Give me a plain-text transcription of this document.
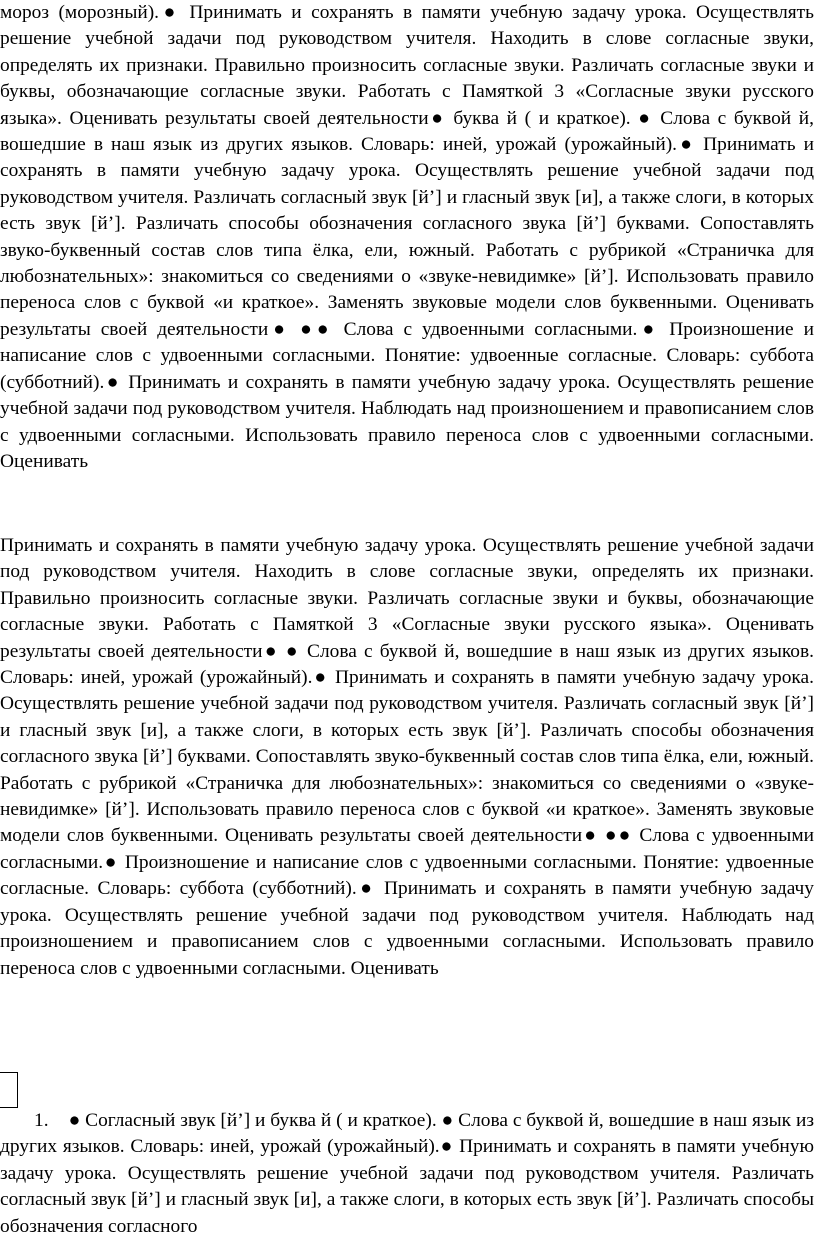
мороз (морозный).● Принимать и сохранять в памяти учебную задачу урока. Осуществлять решение учебной задачи под руководством учителя. Находить в слове согласные звуки, определять их признаки. Правильно произносить согласные звуки. Различать согласные звуки и буквы, обозначающие согласные звуки. Работать с Памяткой 3 «Согласные звуки русского языка». Оценивать результаты своей деятельности● буква й ( и краткое). ● Слова с буквой й, вошедшие в наш язык из других языков. Словарь: иней, урожай (урожайный).● Принимать и сохранять в памяти учебную задачу урока. Осуществлять решение учебной задачи под руководством учителя. Различать согласный звук [й’] и гласный звук [и], а также слоги, в которых есть звук [й’]. Различать способы обозначения согласного звука [й’] буквами. Сопоставлять звуко-буквенный состав слов типа ёлка, ели, южный. Работать с рубрикой «Страничка для любознательных»: знакомиться со сведениями о «звуке-невидимке» [й’]. Использовать правило переноса слов с буквой «и краткое». Заменять звуковые модели слов буквенными. Оценивать результаты своей деятельности● ●● Слова с удвоенными согласными.● Произношение и написание слов с удвоенными согласными. Понятие: удвоенные согласные. Словарь: суббота (субботний).● Принимать и сохранять в памяти учебную задачу урока. Осуществлять решение учебной задачи под руководством учителя. Наблюдать над произношением и правописанием слов с удвоенными согласными. Использовать правило переноса слов с удвоенными согласными. Оценивать

Принимать и сохранять в памяти учебную задачу урока. Осуществлять решение учебной задачи под руководством учителя. Находить в слове согласные звуки, определять их признаки. Правильно произносить согласные звуки. Различать согласные звуки и буквы, обозначающие согласные звуки. Работать с Памяткой 3 «Согласные звуки русского языка». Оценивать результаты своей деятельности● ● Слова с буквой й, вошедшие в наш язык из других языков. Словарь: иней, урожай (урожайный).● Принимать и сохранять в памяти учебную задачу урока. Осуществлять решение учебной задачи под руководством учителя. Различать согласный звук [й’] и гласный звук [и], а также слоги, в которых есть звук [й’]. Различать способы обозначения согласного звука [й’] буквами. Сопоставлять звуко-буквенный состав слов типа ёлка, ели, южный. Работать с рубрикой «Страничка для любознательных»: знакомиться со сведениями о «звуке-невидимке» [й’]. Использовать правило переноса слов с буквой «и краткое». Заменять звуковые модели слов буквенными. Оценивать результаты своей деятельности● ●● Слова с удвоенными согласными.● Произношение и написание слов с удвоенными согласными. Понятие: удвоенные согласные. Словарь: суббота (субботний).● Принимать и сохранять в памяти учебную задачу урока. Осуществлять решение учебной задачи под руководством учителя. Наблюдать над произношением и правописанием слов с удвоенными согласными. Использовать правило переноса слов с удвоенными согласными. Оценивать

1. ● Согласный звук [й’] и буква й ( и краткое). ● Слова с буквой й, вошедшие в наш язык из других языков. Словарь: иней, урожай (урожайный).● Принимать и сохранять в памяти учебную задачу урока. Осуществлять решение учебной задачи под руководством учителя. Различать согласный звук [й’] и гласный звук [и], а также слоги, в которых есть звук [й’]. Различать способы обозначения согласного
